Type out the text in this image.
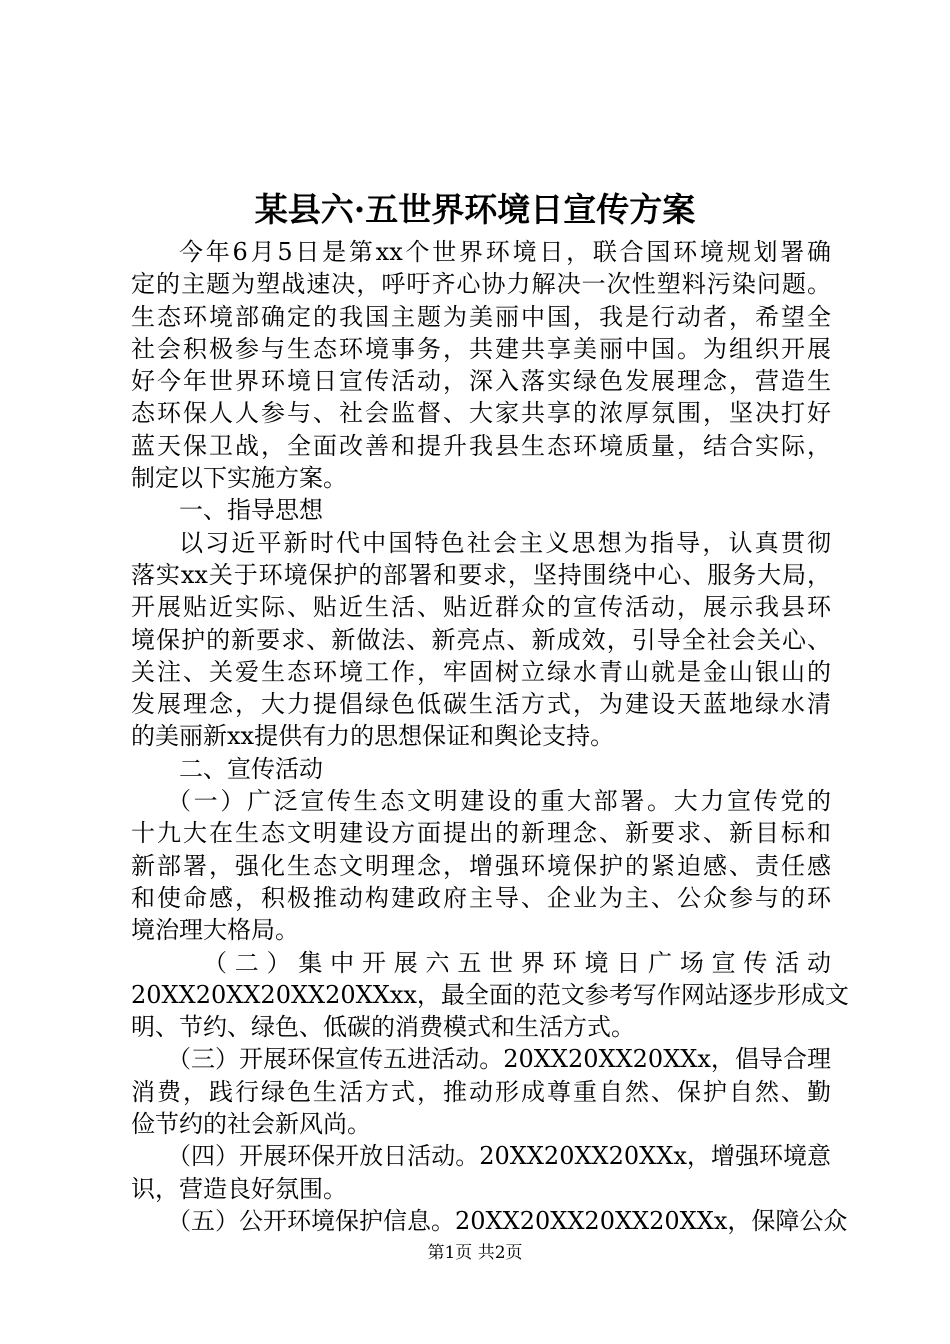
某县六·五世界环境日宣传方案
今年6月5日是第xx个世界环境日，联合国环境规划署确
定的主题为塑战速决，呼吁齐心协力解决一次性塑料污染问题。
生态环境部确定的我国主题为美丽中国，我是行动者，希望全
社会积极参与生态环境事务，共建共享美丽中国。为组织开展
好今年世界环境日宣传活动，深入落实绿色发展理念，营造生
态环保人人参与、社会监督、大家共享的浓厚氛围，坚决打好
蓝天保卫战，全面改善和提升我县生态环境质量，结合实际，
制定以下实施方案。
一、指导思想
以习近平新时代中国特色社会主义思想为指导，认真贯彻
落实xx关于环境保护的部署和要求，坚持围绕中心、服务大局，
开展贴近实际、贴近生活、贴近群众的宣传活动，展示我县环
境保护的新要求、新做法、新亮点、新成效，引导全社会关心、
关注、关爱生态环境工作，牢固树立绿水青山就是金山银山的
发展理念，大力提倡绿色低碳生活方式，为建设天蓝地绿水清
的美丽新xx提供有力的思想保证和舆论支持。
二、宣传活动
（一）广泛宣传生态文明建设的重大部署。大力宣传党的
十九大在生态文明建设方面提出的新理念、新要求、新目标和
新部署，强化生态文明理念，增强环境保护的紧迫感、责任感
和使命感，积极推动构建政府主导、企业为主、公众参与的环
境治理大格局。
（二）集中开展六五世界环境日广场宣传活动
20XX20XX20XX20XXxx，最全面的范文参考写作网站逐步形成文
明、节约、绿色、低碳的消费模式和生活方式。
（三）开展环保宣传五进活动。20XX20XX20XXx，倡导合理
消费，践行绿色生活方式，推动形成尊重自然、保护自然、勤
俭节约的社会新风尚。
（四）开展环保开放日活动。20XX20XX20XXx，增强环境意
识，营造良好氛围。
（五）公开环境保护信息。20XX20XX20XX20XXx，保障公众
第1页 共2页
